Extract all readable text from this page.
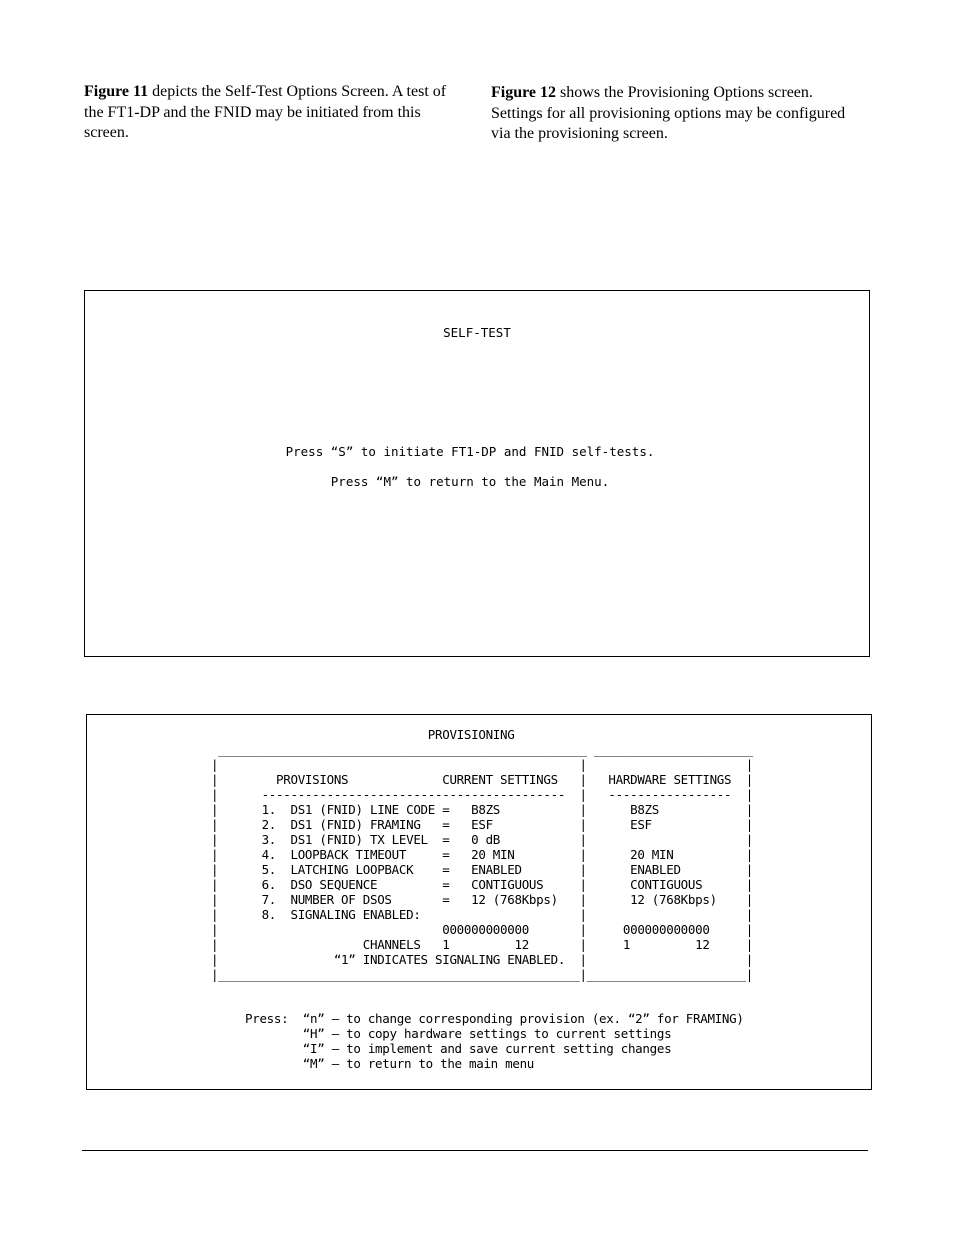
Figure 11 depicts the Self-Test Options Screen. A test of the FT1-DP and the FNID may be initiated from this screen.
Figure 12 shows the Provisioning Options screen. Settings for all provisioning options may be configured via the provisioning screen.
SELF-TEST
Press “S” to initiate FT1-DP and FNID self-tests.
Press “M” to return to the Main Menu.
PROVISIONING
___________________________________________________ ______________________
|                                                  |                      |
|        PROVISIONS             CURRENT SETTINGS   |   HARDWARE SETTINGS  |
|      ------------------------------------------  |   -----------------  |
|      1.  DS1 (FNID) LINE CODE =   B8ZS           |      B8ZS            |
|      2.  DS1 (FNID) FRAMING   =   ESF            |      ESF             |
|      3.  DS1 (FNID) TX LEVEL  =   0 dB           |                      |
|      4.  LOOPBACK TIMEOUT     =   20 MIN         |      20 MIN          |
|      5.  LATCHING LOOPBACK    =   ENABLED        |      ENABLED         |
|      6.  DSO SEQUENCE         =   CONTIGUOUS     |      CONTIGUOUS      |
|      7.  NUMBER OF DSOS       =   12 (768Kbps)   |      12 (768Kbps)    |
|      8.  SIGNALING ENABLED:                      |                      |
|                               000000000000       |     000000000000     |
|                    CHANNELS   1         12       |     1         12     |
|                “1” INDICATES SIGNALING ENABLED.  |                      |
|__________________________________________________|______________________|
Press:  “n” – to change corresponding provision (ex. “2” for FRAMING)
“H” – to copy hardware settings to current settings
“I” – to implement and save current setting changes
“M” – to return to the main menu
